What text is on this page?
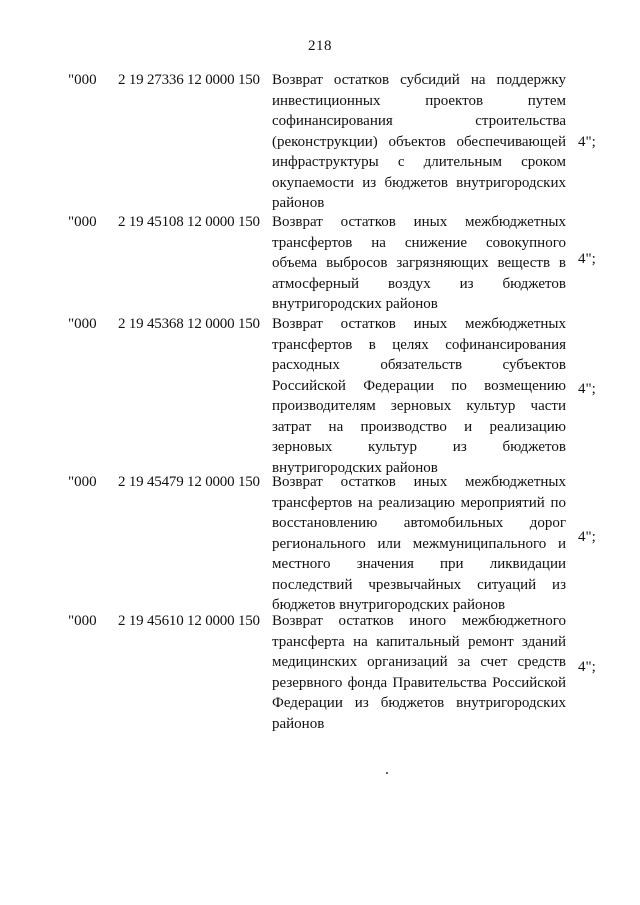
218
"000 2 19 27336 12 0000 150 Возврат остатков субсидий на поддержку инвестиционных проектов путем софинансирования строительства (реконструкции) объектов обеспечивающей инфраструктуры с длительным сроком окупаемости из бюджетов внутригородских районов
4";
"000 2 19 45108 12 0000 150 Возврат остатков иных межбюджетных трансфертов на снижение совокупного объема выбросов загрязняющих веществ в атмосферный воздух из бюджетов внутригородских районов
4";
"000 2 19 45368 12 0000 150 Возврат остатков иных межбюджетных трансфертов в целях софинансирования расходных обязательств субъектов Российской Федерации по возмещению производителям зерновых культур части затрат на производство и реализацию зерновых культур из бюджетов внутригородских районов
4";
"000 2 19 45479 12 0000 150 Возврат остатков иных межбюджетных трансфертов на реализацию мероприятий по восстановлению автомобильных дорог регионального или межмуниципального и местного значения при ликвидации последствий чрезвычайных ситуаций из бюджетов внутригородских районов
4";
"000 2 19 45610 12 0000 150 Возврат остатков иного межбюджетного трансферта на капитальный ремонт зданий медицинских организаций за счет средств резервного фонда Правительства Российской Федерации из бюджетов внутригородских районов
4";
